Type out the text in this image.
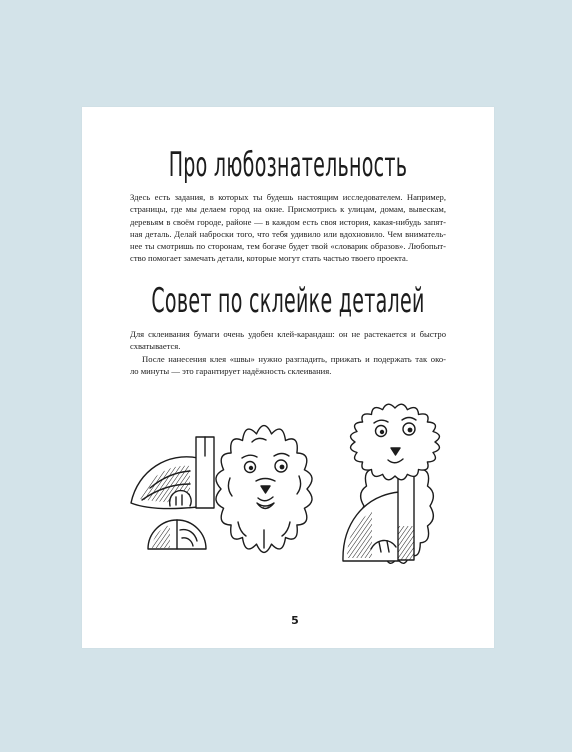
Про любознательность
Здесь есть задания, в которых ты будешь настоящим исследователем. Например,
страницы, где мы делаем город на окне. Присмотрись к улицам, домам, вывескам,
деревьям в своём городе, районе — в каждом есть своя история, какая-нибудь запят-
ная деталь. Делай наброски того, что тебя удивило или вдохновило. Чем вниматель-
нее ты смотришь по сторонам, тем богаче будет твой «словарик образов». Любопыт-
ство помогает замечать детали, которые могут стать частью твоего проекта.
Совет по склейке деталей
Для склеивания бумаги очень удобен клей-карандаш: он не растекается и быстро
схватывается.
После нанесения клея «швы» нужно разгладить, прижать и подержать так око-
ло минуты — это гарантирует надёжность склеивания.
5
